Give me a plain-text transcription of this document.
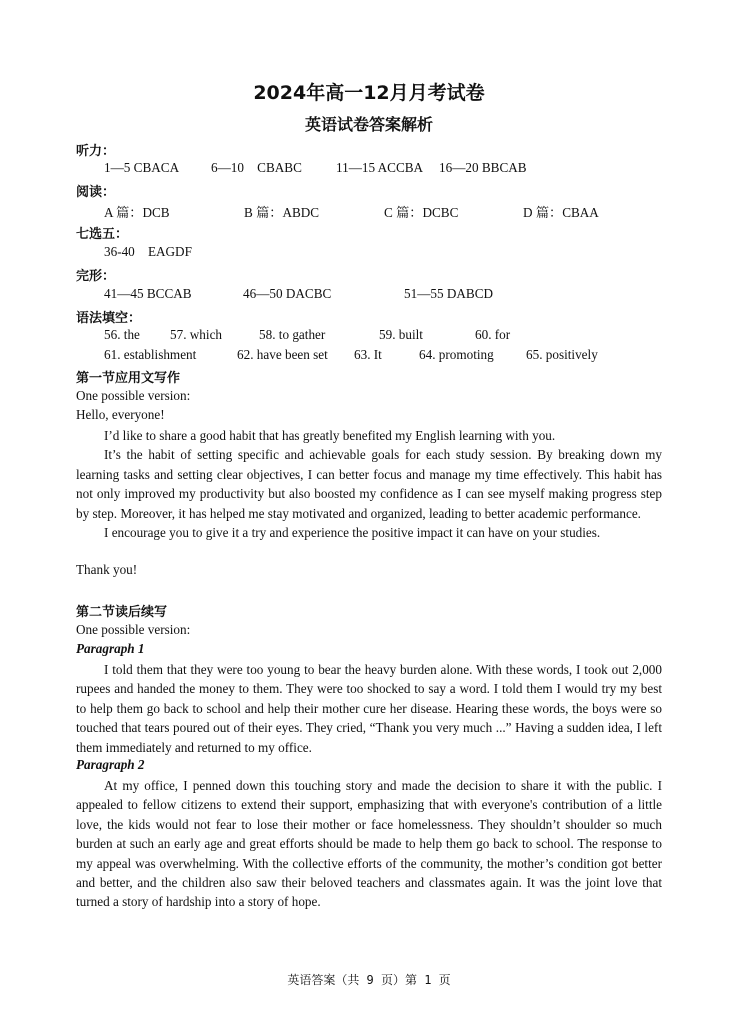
2024年高一12月月考试卷
英语试卷答案解析
听力：
1—5 CBACA 6—10    CBABC	11—15 ACCBA 16—20 BBCAB
阅读：
A 篇：DCB	B 篇：ABDC	C 篇：DCBC	D 篇：CBAA
七选五：
36-40    EAGDF
完形：
41—45 BCCAB	46—50 DACBC	51—55 DABCD
语法填空：
56. the 57. which	58. to gather	59. built	60. for
61. establishment	62. have been set 63. It	64. promoting 65. positively
第一节应用文写作
One possible version:
Hello, everyone!

I’d like to share a good habit that has greatly benefited my English learning with you.

It’s the habit of setting specific and achievable goals for each study session. By breaking down my learning tasks and setting clear objectives, I can better focus and manage my time effectively. This habit has not only improved my productivity but also boosted my confidence as I can see myself making progress step by step. Moreover, it has helped me stay motivated and organized, leading to better academic performance.

I encourage you to give it a try and experience the positive impact it can have on your studies.

Thank you!
第二节读后续写
One possible version:
Paragraph 1

I told them that they were too young to bear the heavy burden alone. With these words, I took out 2,000 rupees and handed the money to them. They were too shocked to say a word. I told them I would try my best to help them go back to school and help their mother cure her disease. Hearing these words, the boys were so touched that tears poured out of their eyes. They cried, “Thank you very much ...” Having a sudden idea, I left them immediately and returned to my office.

Paragraph 2

At my office, I penned down this touching story and made the decision to share it with the public. I appealed to fellow citizens to extend their support, emphasizing that with everyone's contribution of a little love, the kids would not fear to lose their mother or face homelessness. They shouldn’t shoulder so much burden at such an early age and great efforts should be made to help them go back to school. The response to my appeal was overwhelming. With the collective efforts of the community, the mother’s condition got better and better, and the children also saw their beloved teachers and classmates again. It was the joint love that turned a story of hardship into a story of hope.

英语答案（共 9 页）第 1 页
